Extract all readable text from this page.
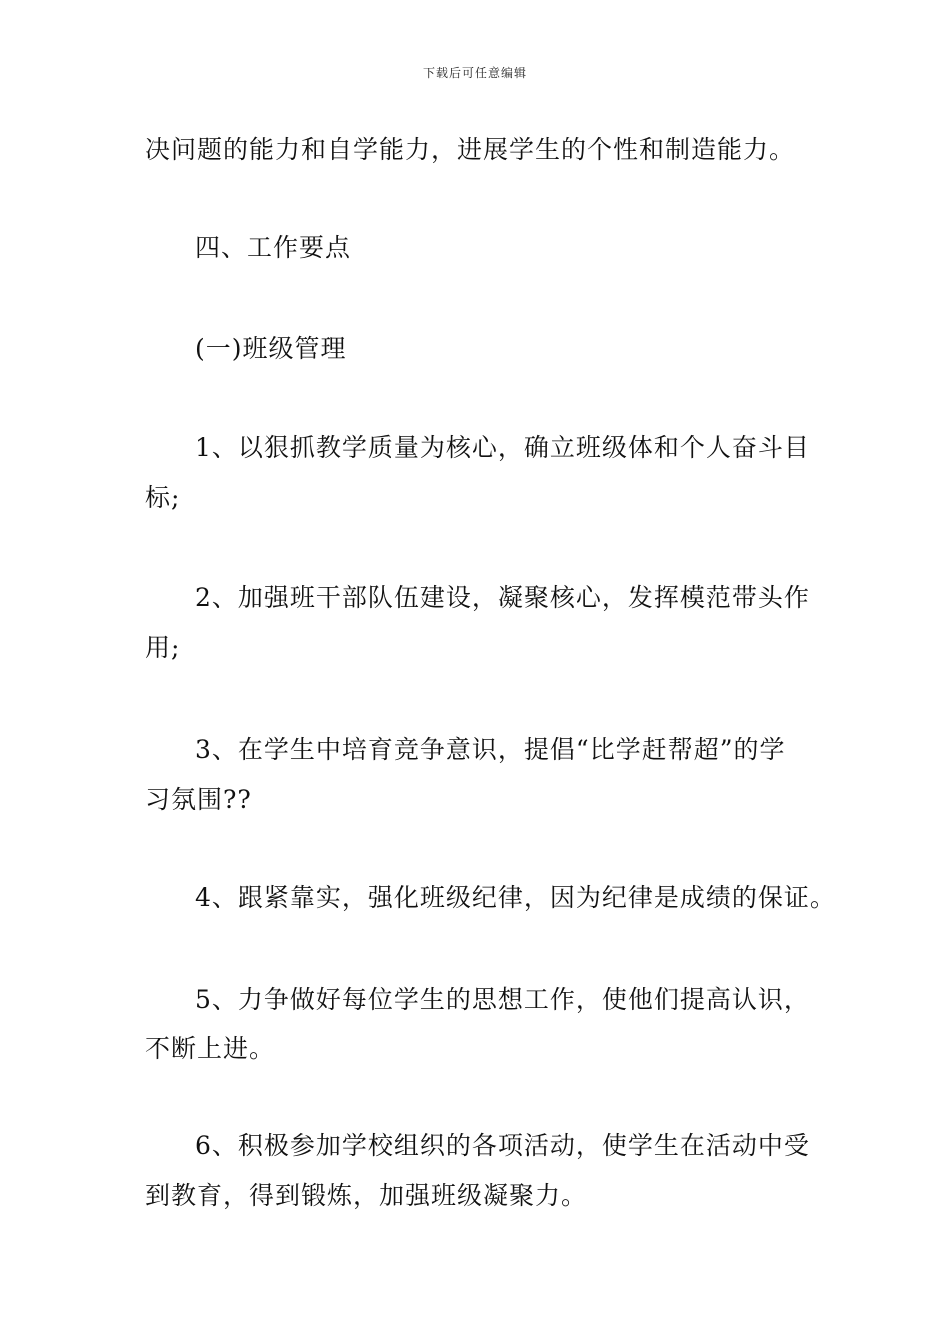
下载后可任意编辑
决问题的能力和自学能力，进展学生的个性和制造能力。
四、工作要点
(一)班级管理
1、以狠抓教学质量为核心，确立班级体和个人奋斗目
标;
2、加强班干部队伍建设，凝聚核心，发挥模范带头作
用;
3、在学生中培育竞争意识，提倡“比学赶帮超”的学
习氛围??
4、跟紧靠实，强化班级纪律，因为纪律是成绩的保证。
5、力争做好每位学生的思想工作，使他们提高认识，
不断上进。
6、积极参加学校组织的各项活动，使学生在活动中受
到教育，得到锻炼，加强班级凝聚力。
